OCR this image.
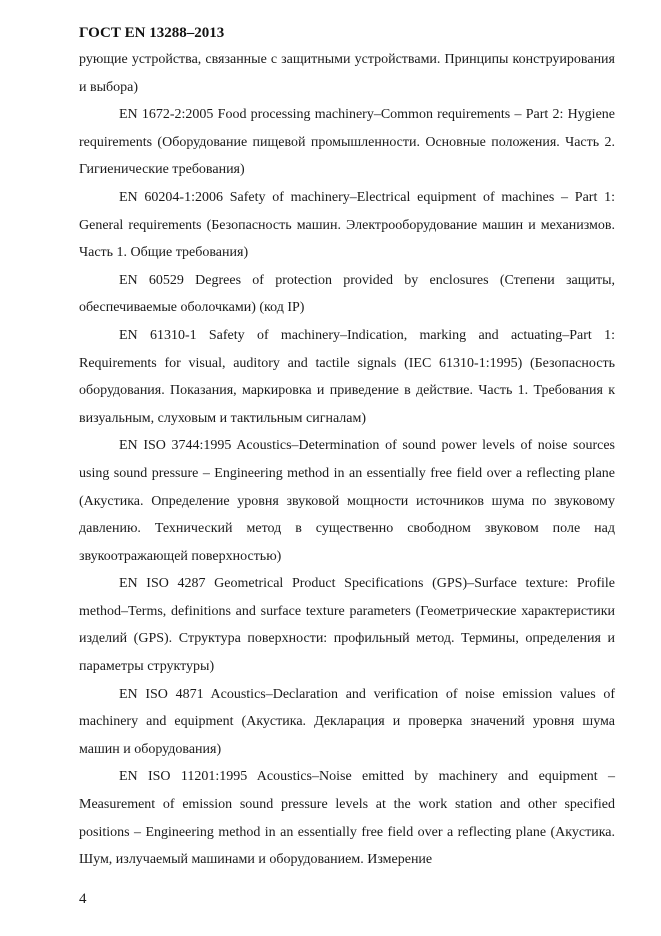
ГОСТ EN 13288–2013

рующие устройства, связанные с защитными устройствами. Принципы конструирования и выбора)

EN 1672-2:2005 Food processing machinery–Common requirements – Part 2: Hygiene requirements (Оборудование пищевой промышленности. Основные положения. Часть 2. Гигиенические требования)

EN 60204-1:2006 Safety of machinery–Electrical equipment of machines – Part 1: General requirements (Безопасность машин. Электрооборудование машин и механизмов. Часть 1. Общие требования)

EN 60529 Degrees of protection provided by enclosures (Степени защиты, обеспечиваемые оболочками) (код IP)

EN 61310-1 Safety of machinery–Indication, marking and actuating–Part 1: Requirements for visual, auditory and tactile signals (IEC 61310-1:1995) (Безопасность оборудования. Показания, маркировка и приведение в действие. Часть 1. Требования к визуальным, слуховым и тактильным сигналам)

EN ISO 3744:1995 Acoustics–Determination of sound power levels of noise sources using sound pressure – Engineering method in an essentially free field over a reflecting plane (Акустика. Определение уровня звуковой мощности источников шума по звуковому давлению. Технический метод в существенно свободном звуковом поле над звукоотражающей поверхностью)

EN ISO 4287 Geometrical Product Specifications (GPS)–Surface texture: Profile method–Terms, definitions and surface texture parameters (Геометрические характеристики изделий (GPS). Структура поверхности: профильный метод. Термины, определения и параметры структуры)

EN ISO 4871 Acoustics–Declaration and verification of noise emission values of machinery and equipment (Акустика. Декларация и проверка значений уровня шума машин и оборудования)

EN ISO 11201:1995 Acoustics–Noise emitted by machinery and equipment – Measurement of emission sound pressure levels at the work station and other specified positions – Engineering method in an essentially free field over a reflecting plane (Акустика. Шум, излучаемый машинами и оборудованием. Измерение

4
